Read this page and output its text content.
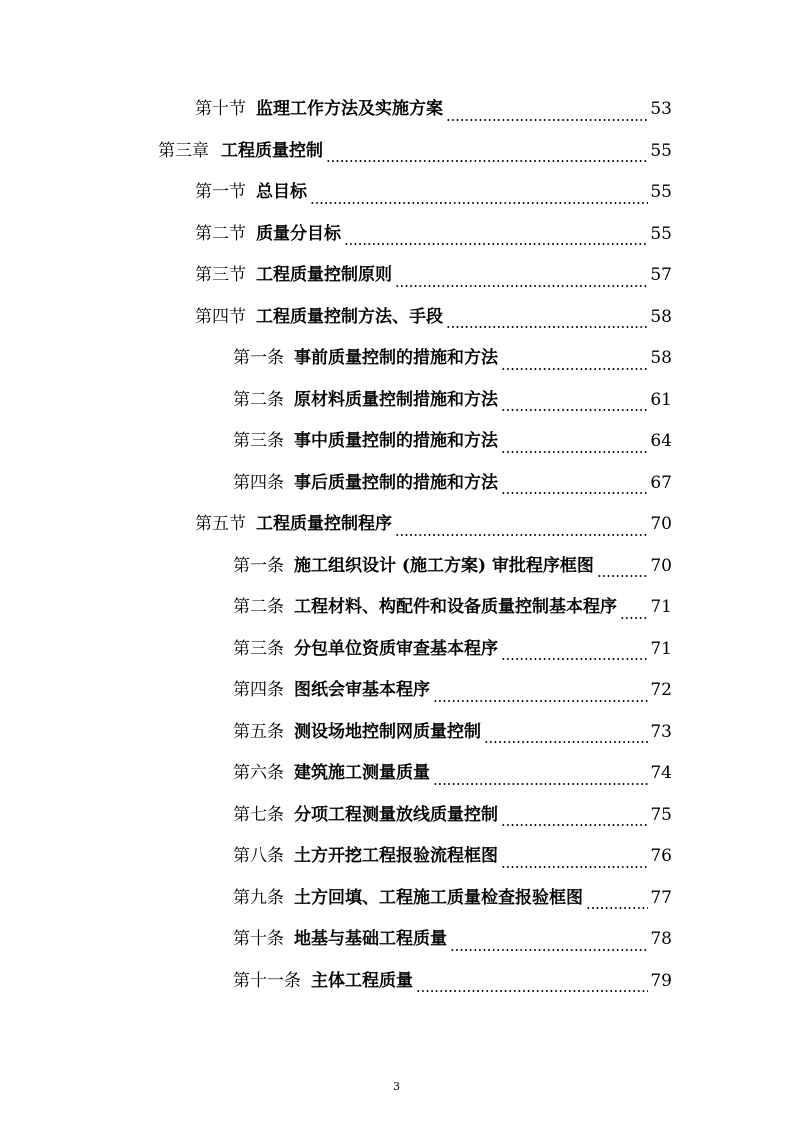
第十节 监理工作方法及实施方案	53
第三章 工程质量控制	55
第一节 总目标	55
第二节 质量分目标	55
第三节 工程质量控制原则	57
第四节 工程质量控制方法、手段	58
第一条 事前质量控制的措施和方法	58
第二条 原材料质量控制措施和方法	61
第三条 事中质量控制的措施和方法	64
第四条 事后质量控制的措施和方法	67
第五节 工程质量控制程序	70
第一条 施工组织设计 (施工方案) 审批程序框图	70
第二条 工程材料、构配件和设备质量控制基本程序 71
第三条 分包单位资质审查基本程序	71
第四条 图纸会审基本程序	72
第五条 测设场地控制网质量控制	73
第六条 建筑施工测量质量	74
第七条 分项工程测量放线质量控制	75
第八条 土方开挖工程报验流程框图	76
第九条 土方回填、工程施工质量检查报验框图	77
第十条 地基与基础工程质量	78
第十一条 主体工程质量	79
3
